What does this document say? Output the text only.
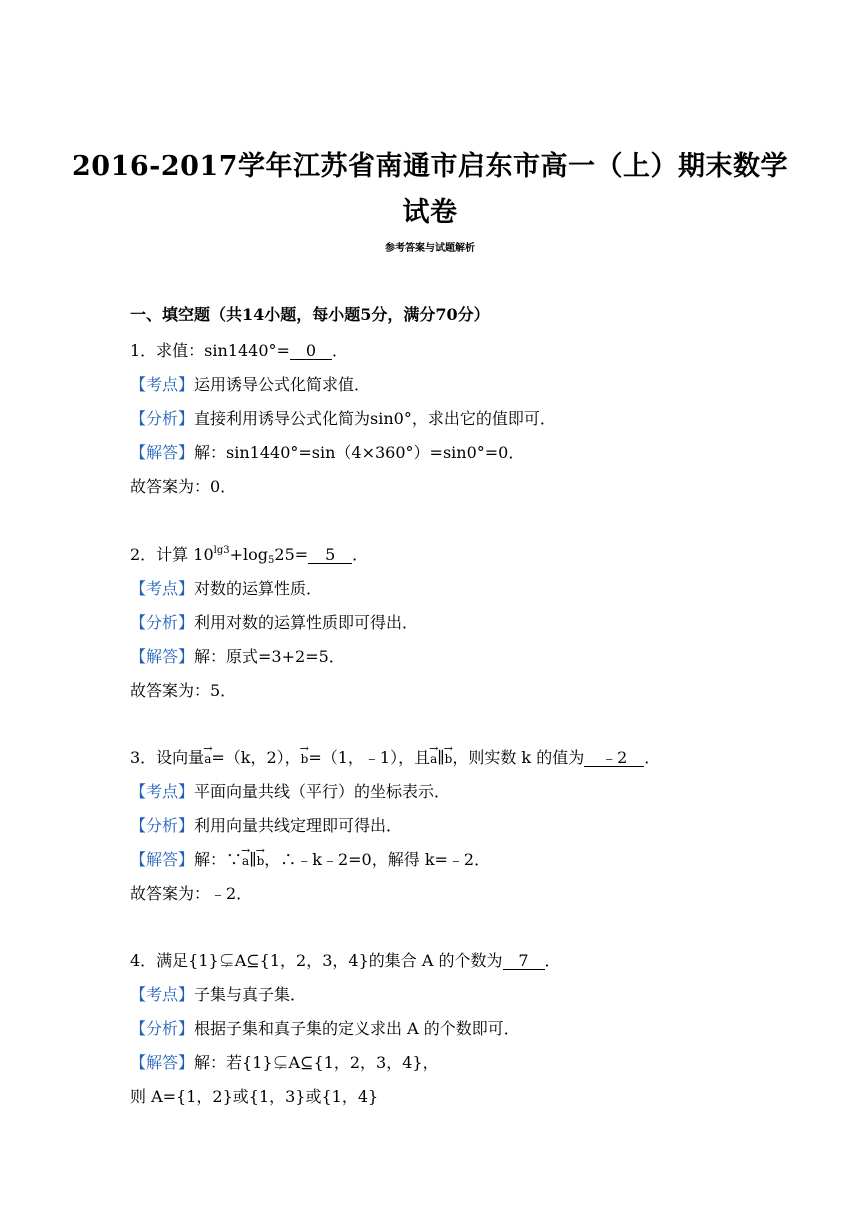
2016-2017学年江苏省南通市启东市高一（上）期末数学
试卷
参考答案与试题解析
一、填空题（共14小题，每小题5分，满分70分）
1．求值：sin1440°= 0 ．
【考点】运用诱导公式化简求值．
【分析】直接利用诱导公式化简为sin0°，求出它的值即可．
【解答】解：sin1440°=sin（4×360°）=sin0°=0．
故答案为：0．
2．计算 $10^{lg3}+\log_525= 5$ ．
【考点】对数的运算性质．
【分析】利用对数的运算性质即可得出．
【解答】解：原式=3+2=5．
故答案为：5．
3．设向量 →
a=（k，2）， →
b=（1，﹣1），且 →
a∥ →
b，则实数 k 的值为 ﹣2 ．
【考点】平面向量共线（平行）的坐标表示．
【分析】利用向量共线定理即可得出．
【解答】解：∵ →
a∥ →
b，∴﹣k﹣2=0，解得 k=﹣2．
故答案为：﹣2．
4．满足{1}⊊A⊆{1，2，3，4}的集合 A 的个数为 7 ．
【考点】子集与真子集．
【分析】根据子集和真子集的定义求出 A 的个数即可．
【解答】解：若{1}⊊A⊆{1，2，3，4}，
则 A={1，2}或{1，3}或{1，4}
